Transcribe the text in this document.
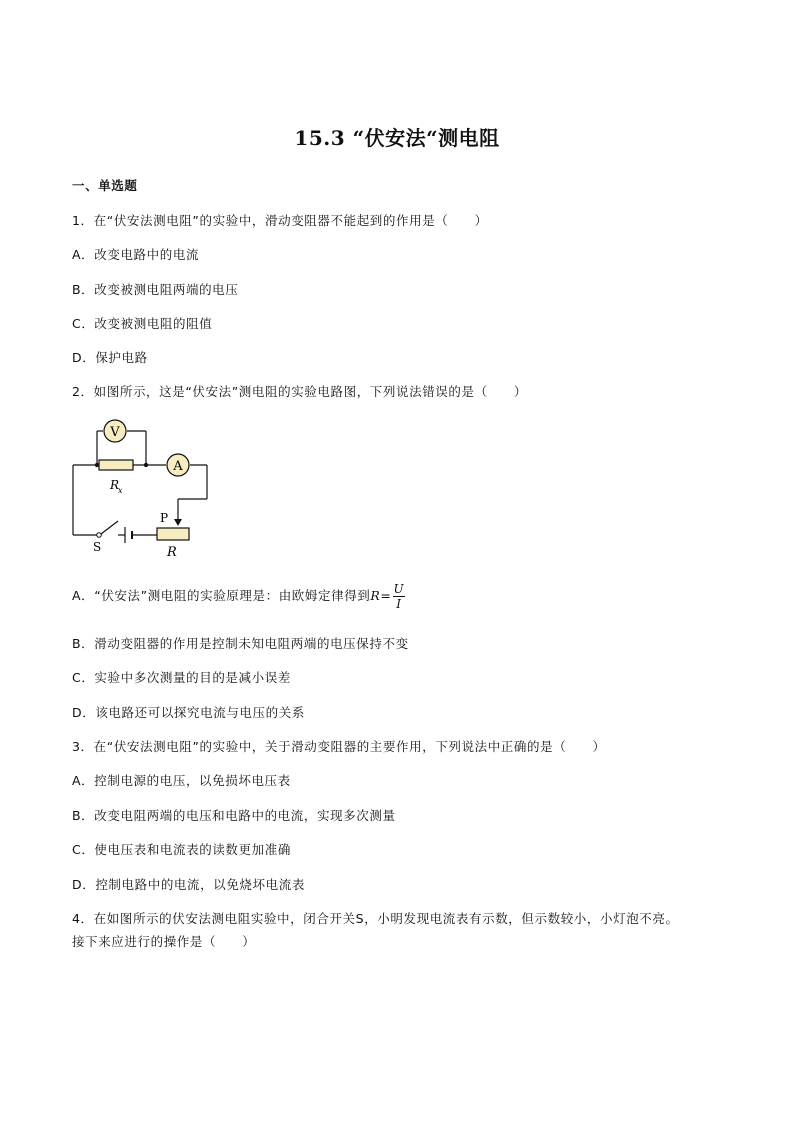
15.3 “伏安法“测电阻
一、单选题
1．在“伏安法测电阻”的实验中，滑动变阻器不能起到的作用是（　　）
A．改变电路中的电流
B．改变被测电阻两端的电压
C．改变被测电阻的阻值
D．保护电路
2．如图所示，这是“伏安法”测电阻的实验电路图，下列说法错误的是（　　）
V
R
x
A
P
R
S
A．“伏安法”测电阻的实验原理是：由欧姆定律得到$R= \frac{U}{I}$
B．滑动变阻器的作用是控制未知电阻两端的电压保持不变
C．实验中多次测量的目的是减小误差
D．该电路还可以探究电流与电压的关系
3．在“伏安法测电阻”的实验中，关于滑动变阻器的主要作用，下列说法中正确的是（　　）
A．控制电源的电压，以免损坏电压表
B．改变电阻两端的电压和电路中的电流，实现多次测量
C．使电压表和电流表的读数更加准确
D．控制电路中的电流，以免烧坏电流表
4．在如图所示的伏安法测电阻实验中，闭合开关S，小明发现电流表有示数，但示数较小，小灯泡不亮。
接下来应进行的操作是（　　）
